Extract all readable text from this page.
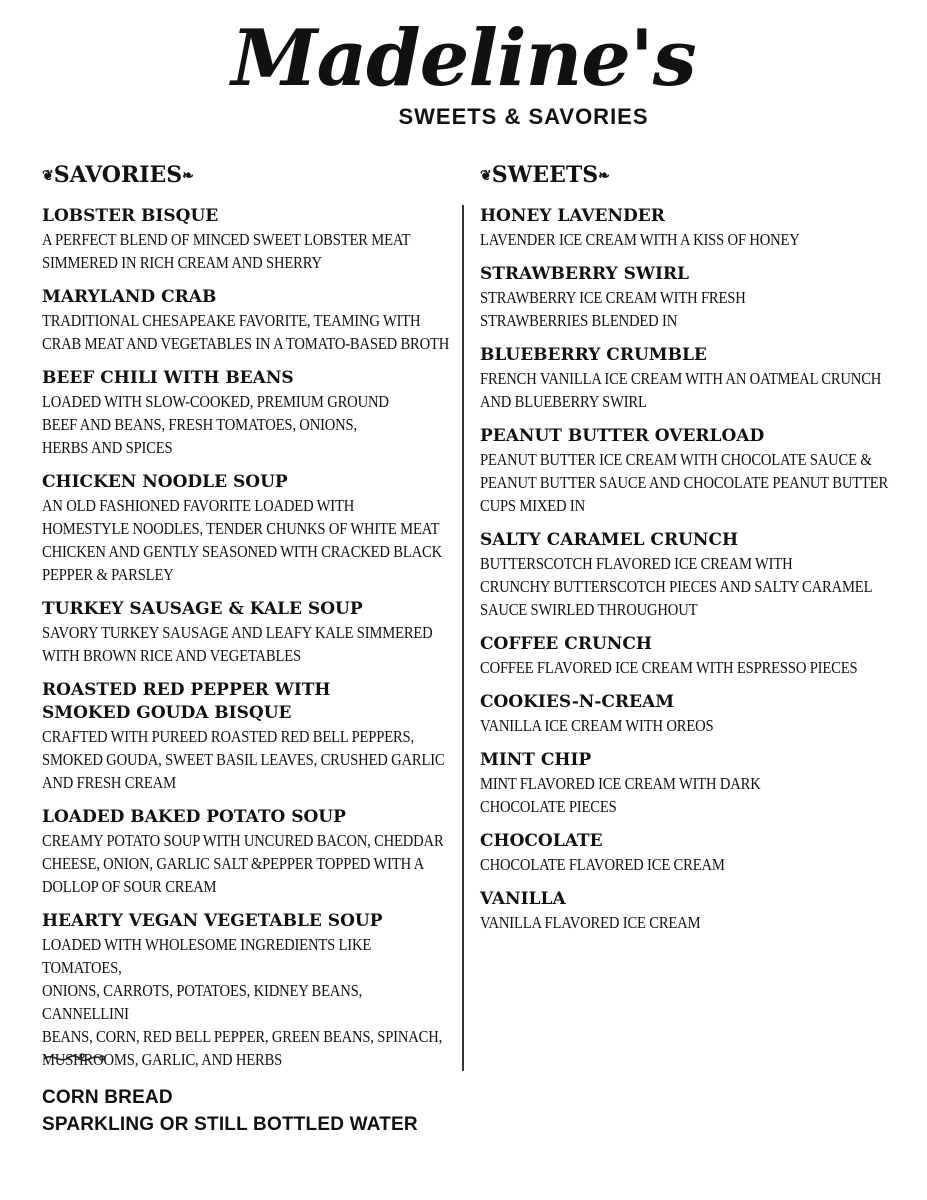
Madeline's
SWEETS & SAVORIES
❦SAVORIES❧
LOBSTER BISQUE
A PERFECT BLEND OF MINCED SWEET LOBSTER MEAT
SIMMERED IN RICH CREAM AND SHERRY
MARYLAND CRAB
TRADITIONAL CHESAPEAKE FAVORITE, TEAMING WITH
CRAB MEAT AND VEGETABLES IN A TOMATO-BASED BROTH
BEEF CHILI WITH BEANS
LOADED WITH SLOW-COOKED, PREMIUM GROUND
BEEF AND BEANS, FRESH TOMATOES, ONIONS,
HERBS AND SPICES
CHICKEN NOODLE SOUP
AN OLD FASHIONED FAVORITE LOADED WITH
HOMESTYLE NOODLES, TENDER CHUNKS OF WHITE MEAT
CHICKEN AND GENTLY SEASONED WITH CRACKED BLACK
PEPPER & PARSLEY
TURKEY SAUSAGE & KALE SOUP
SAVORY TURKEY SAUSAGE AND LEAFY KALE SIMMERED
WITH BROWN RICE AND VEGETABLES
ROASTED RED PEPPER WITH
SMOKED GOUDA BISQUE
CRAFTED WITH PUREED ROASTED RED BELL PEPPERS,
SMOKED GOUDA, SWEET BASIL LEAVES, CRUSHED GARLIC
AND FRESH CREAM
LOADED BAKED POTATO SOUP
CREAMY POTATO SOUP WITH UNCURED BACON, CHEDDAR
CHEESE, ONION, GARLIC SALT &PEPPER TOPPED WITH A
DOLLOP OF SOUR CREAM
HEARTY VEGAN VEGETABLE SOUP
LOADED WITH WHOLESOME INGREDIENTS LIKE TOMATOES,
ONIONS, CARROTS, POTATOES, KIDNEY BEANS, CANNELLINI
BEANS, CORN, RED BELL PEPPER, GREEN BEANS, SPINACH,
MUSHROOMS, GARLIC, AND HERBS
❦SWEETS❧
HONEY LAVENDER
LAVENDER ICE CREAM WITH A KISS OF HONEY
STRAWBERRY SWIRL
STRAWBERRY ICE CREAM WITH FRESH
STRAWBERRIES BLENDED IN
BLUEBERRY CRUMBLE
FRENCH VANILLA ICE CREAM WITH AN OATMEAL CRUNCH
AND BLUEBERRY SWIRL
PEANUT BUTTER OVERLOAD
PEANUT BUTTER ICE CREAM WITH CHOCOLATE SAUCE &
PEANUT BUTTER SAUCE AND CHOCOLATE PEANUT BUTTER
CUPS MIXED IN
SALTY CARAMEL CRUNCH
BUTTERSCOTCH FLAVORED ICE CREAM WITH
CRUNCHY BUTTERSCOTCH PIECES AND SALTY CARAMEL
SAUCE SWIRLED THROUGHOUT
COFFEE CRUNCH
COFFEE FLAVORED ICE CREAM WITH ESPRESSO PIECES
COOKIES-N-CREAM
VANILLA ICE CREAM WITH OREOS
MINT CHIP
MINT FLAVORED ICE CREAM WITH DARK
CHOCOLATE PIECES
CHOCOLATE
CHOCOLATE FLAVORED ICE CREAM
VANILLA
VANILLA FLAVORED ICE CREAM
CORN BREAD
SPARKLING OR STILL BOTTLED WATER
